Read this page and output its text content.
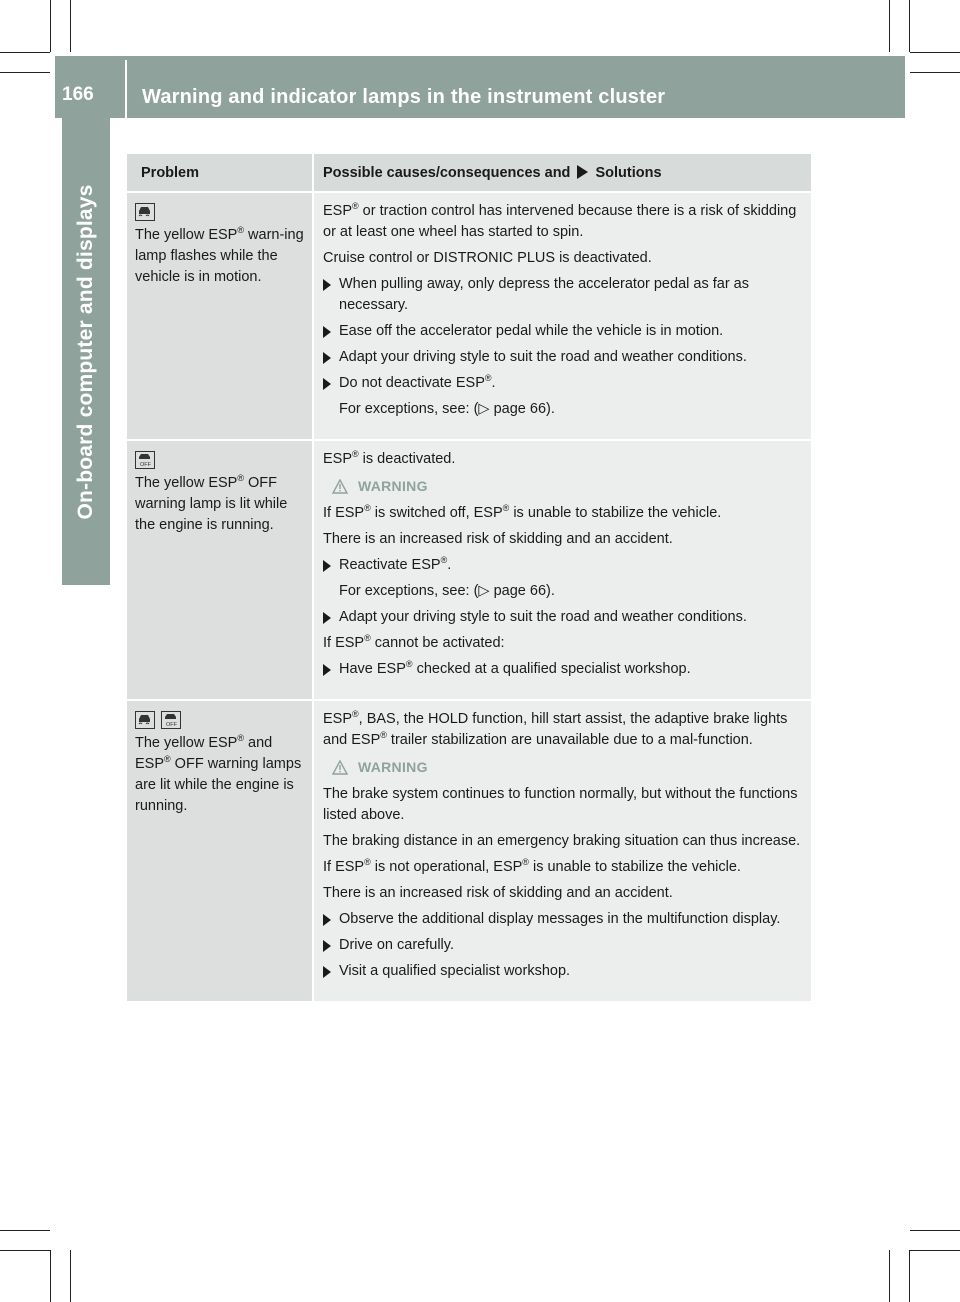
166 Warning and indicator lamps in the instrument cluster
On-board computer and displays
Problem	Possible causes/consequences and Solutions
The yellow ESP® warn-ing lamp flashes while the vehicle is in motion.
ESP® or traction control has intervened because there is a risk of skidding or at least one wheel has started to spin.
Cruise control or DISTRONIC PLUS is deactivated.
When pulling away, only depress the accelerator pedal as far as necessary.
Ease off the accelerator pedal while the vehicle is in motion.
Adapt your driving style to suit the road and weather conditions.
Do not deactivate ESP®.
For exceptions, see: (▷ page 66).
OFF
The yellow ESP® OFF warning lamp is lit while the engine is running.
ESP® is deactivated.
WARNING
If ESP® is switched off, ESP® is unable to stabilize the vehicle.
There is an increased risk of skidding and an accident.
Reactivate ESP®.
For exceptions, see: (▷ page 66).
Adapt your driving style to suit the road and weather conditions.
If ESP® cannot be activated:
Have ESP® checked at a qualified specialist workshop.
OFF
The yellow ESP® and ESP® OFF warning lamps are lit while the engine is running.
ESP®, BAS, the HOLD function, hill start assist, the adaptive brake lights and ESP® trailer stabilization are unavailable due to a mal-function.
WARNING
The brake system continues to function normally, but without the functions listed above.
The braking distance in an emergency braking situation can thus increase.
If ESP® is not operational, ESP® is unable to stabilize the vehicle.
There is an increased risk of skidding and an accident.
Observe the additional display messages in the multifunction display.
Drive on carefully.
Visit a qualified specialist workshop.
